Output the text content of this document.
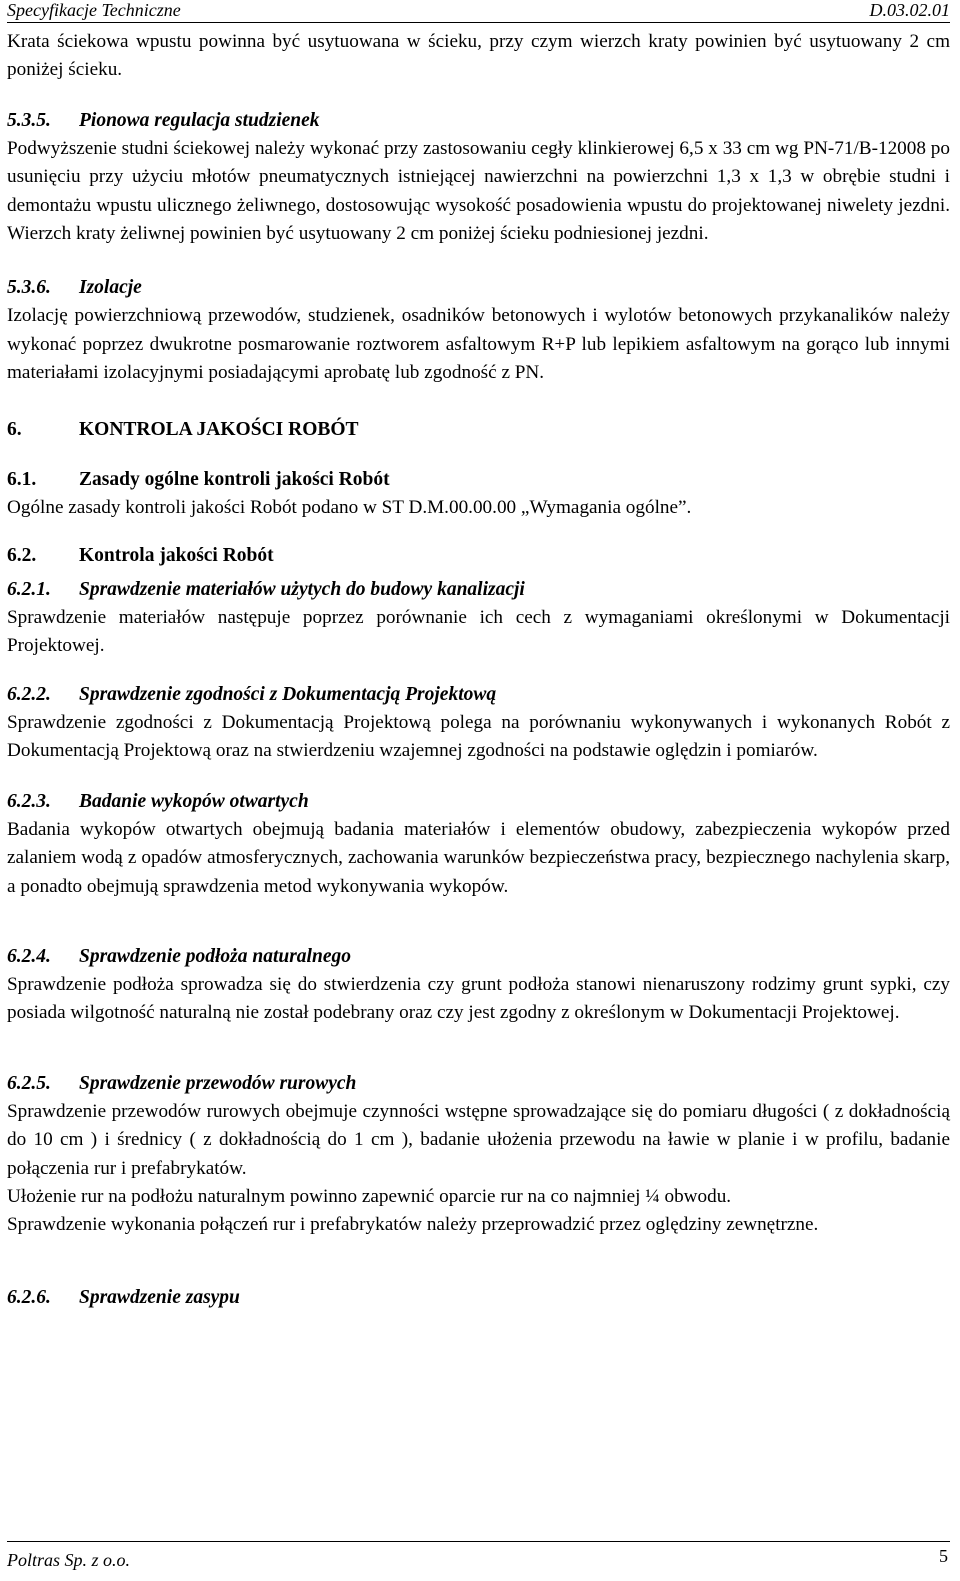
Specyfikacje Techniczne	D.03.02.01

Krata ściekowa wpustu powinna być usytuowana w ścieku, przy czym wierzch kraty powinien być usytuowany 2 cm poniżej ścieku.

5.3.5. Pionowa regulacja studzienek

Podwyższenie studni ściekowej należy wykonać przy zastosowaniu cegły klinkierowej 6,5 x 33 cm wg PN-71/B-12008 po usunięciu przy użyciu młotów pneumatycznych istniejącej nawierzchni na powierzchni 1,3 x 1,3 w obrębie studni i demontażu wpustu ulicznego żeliwnego, dostosowując wysokość posadowienia wpustu do projektowanej niwelety jezdni. Wierzch kraty żeliwnej powinien być usytuowany 2 cm poniżej ścieku podniesionej jezdni.

5.3.6. Izolacje

Izolację powierzchniową przewodów, studzienek, osadników betonowych i wylotów betonowych przykanalików należy wykonać poprzez dwukrotne posmarowanie roztworem asfaltowym R+P lub lepikiem asfaltowym na gorąco lub innymi materiałami izolacyjnymi posiadającymi aprobatę lub zgodność z PN.

6.	KONTROLA JAKOŚCI ROBÓT
6.1. Zasady ogólne kontroli jakości Robót

Ogólne zasady kontroli jakości Robót podano w ST D.M.00.00.00 „Wymagania ogólne”.

6.2. Kontrola jakości Robót
6.2.1. Sprawdzenie materiałów użytych do budowy kanalizacji

Sprawdzenie materiałów następuje poprzez porównanie ich cech z wymaganiami określonymi w Dokumentacji Projektowej.

6.2.2. Sprawdzenie zgodności z Dokumentacją Projektową

Sprawdzenie zgodności z Dokumentacją Projektową polega na porównaniu wykonywanych i wykonanych Robót z Dokumentacją Projektową oraz na stwierdzeniu wzajemnej zgodności na podstawie oględzin i pomiarów.

6.2.3. Badanie wykopów otwartych

Badania wykopów otwartych obejmują badania materiałów i elementów obudowy, zabezpieczenia wykopów przed zalaniem wodą z opadów atmosferycznych, zachowania warunków bezpieczeństwa pracy, bezpiecznego nachylenia skarp, a ponadto obejmują sprawdzenia metod wykonywania wykopów.

6.2.4. Sprawdzenie podłoża naturalnego

Sprawdzenie podłoża sprowadza się do stwierdzenia czy grunt podłoża stanowi nienaruszony rodzimy grunt sypki, czy posiada wilgotność naturalną nie został podebrany oraz czy jest zgodny z określonym w Dokumentacji Projektowej.

6.2.5. Sprawdzenie przewodów rurowych

Sprawdzenie przewodów rurowych obejmuje czynności wstępne sprowadzające się do pomiaru długości ( z dokładnością do 10 cm ) i średnicy ( z dokładnością do 1 cm ), badanie ułożenia przewodu na ławie w planie i w profilu, badanie połączenia rur i prefabrykatów.

Ułożenie rur na podłożu naturalnym powinno zapewnić oparcie rur na co najmniej ¼ obwodu.

Sprawdzenie wykonania połączeń rur i prefabrykatów należy przeprowadzić przez oględziny zewnętrzne.

6.2.6. Sprawdzenie zasypu
Poltras Sp. z o.o.	5
